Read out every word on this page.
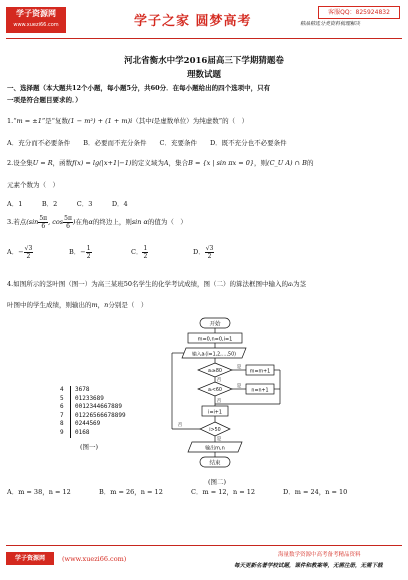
学子资源网
www.xuezi66.com	学子之家 圆梦高考
客服QQ：825924832
精品精选分类资料梳理解决
河北省衡水中学2016届高三下学期猜题卷
理数试题
一、选择题（本大题共12个小题，每小题5分，共60分．在每小题给出的四个选项中，只有
一项是符合题目要求的．）
1.“m = ±1”是“复数(1 − m²) + (1 + m)i（其中i是虚数单位）为纯虚数”的（　）
A．充分而不必要条件　　B．必要而不充分条件　　C．充要条件　　D．既不充分也不必要条件
2.设全集U = R，函数f(x) = lg(|x+1|−1)的定义域为A，集合B = {x | sin πx = 0}，则(C_U A) ∩ B的
元素个数为（　）
A．1　　　B．2　　　C．3　　　D．4
3.若点($\sin \frac{5\pi}{6}$ , $\cos \frac{5\pi}{6}$ )在角α的终边上，则sin α的值为（　）
A．− $\frac{√3}{2}$	B．− $\frac{1}{2}$	C． $\frac{1}{2}$	D． $\frac{√3}{2}$
4.如图所示的茎叶图（图一）为高三某班50名学生的化学考试成绩，图（二）的算法框图中输入的aᵢ为茎
叶图中的学生成绩，则输出的m，n分别是（　）
4 3678
5 01233689
6 0012344667889
7 01226566678899
8 0244569
9 0168
(图一)
开始
m=0,n=0,i=1
输入aᵢ(i=1,2,…,50)
aᵢ≥80
是
m=m+1
否
aᵢ<60
是
n=n+1
否
i=i+1
i>50
否
是
输出m,n
结束
A．m = 38，n = 12	B．m = 26，n = 12	C．m = 12，n = 12	D．m = 24，n = 10
学子资源网	(www.xuezi66.com)	海量数学资源中高考备考精品资料
每天更新名著学校试题，课件和教案等，无需注册，无需下载
(图二)
